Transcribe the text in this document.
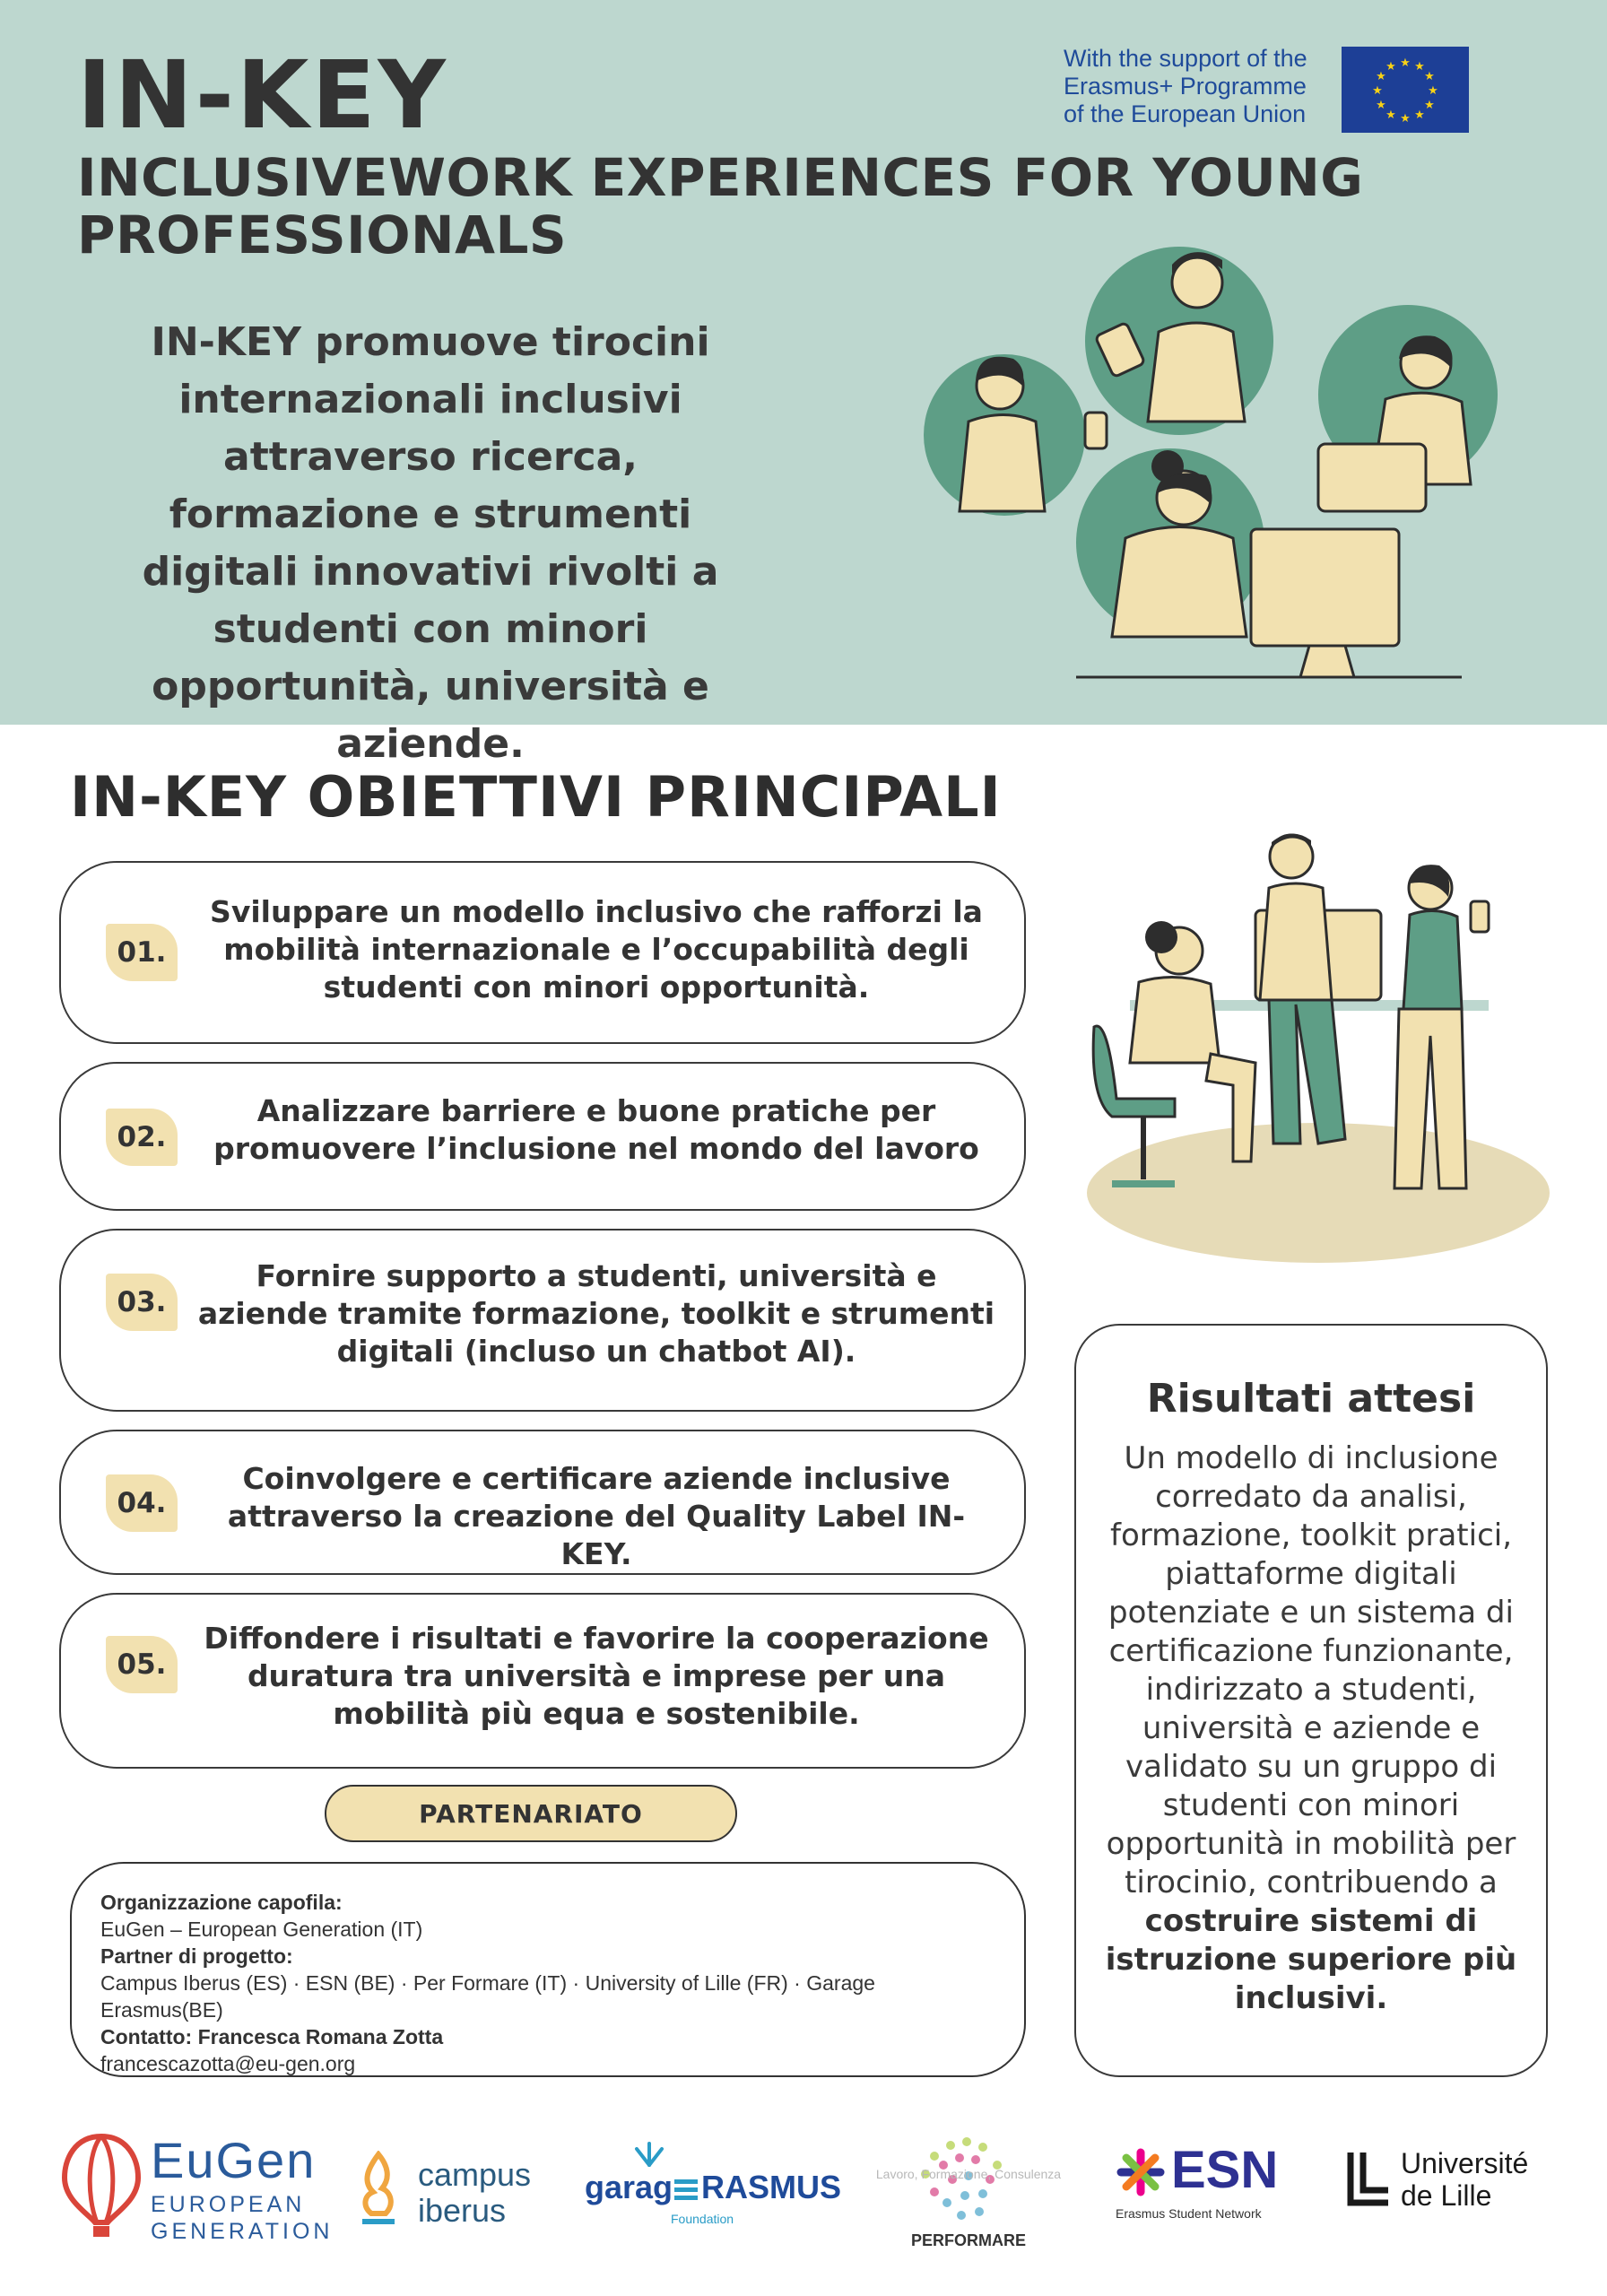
IN-KEY
INCLUSIVEWORK EXPERIENCES FOR YOUNG PROFESSIONALS
With the support of the Erasmus+ Programme of the European Union
★ ★
★
★
★
★
★
★
★
★
★
★
IN-KEY promuove tirocini internazionali inclusivi attraverso ricerca, formazione e strumenti digitali innovativi rivolti a studenti con minori opportunità, università e aziende.
IN-KEY OBIETTIVI PRINCIPALI
01.
Sviluppare un modello inclusivo che rafforzi la mobilità internazionale e l’occupabilità degli studenti con minori opportunità.
02.
Analizzare barriere e buone pratiche per promuovere l’inclusione nel mondo del lavoro
03.
Fornire supporto a studenti, università e aziende tramite formazione, toolkit e strumenti digitali (incluso un chatbot AI).
04.
Coinvolgere e certificare aziende inclusive attraverso la creazione del Quality Label IN-KEY.
05.
Diffondere i risultati e favorire la cooperazione duratura tra università e imprese per una mobilità più equa e sostenibile.
Risultati attesi
Un modello di inclusione corredato da analisi, formazione, toolkit pratici, piattaforme digitali potenziate e un sistema di certificazione funzionante, indirizzato a studenti, università e aziende e validato su un gruppo di studenti con minori opportunità in mobilità per tirocinio, contribuendo a
costruire sistemi di istruzione superiore più inclusivi.
PARTENARIATO
Organizzazione capofila:
EuGen – European Generation (IT)
Partner di progetto:
Campus Iberus (ES) · ESN (BE) · Per Formare (IT) · University of Lille (FR) · Garage Erasmus(BE)
Contatto: Francesca Romana Zotta
francescazotta@eu-gen.org
EuGen
EUROPEAN
GENERATION
campus
iberus
garag RASMUS
Foundation
Lavoro, Formazione, Consulenza
PERFORMARE
ESN
Erasmus Student Network
Université
de Lille
